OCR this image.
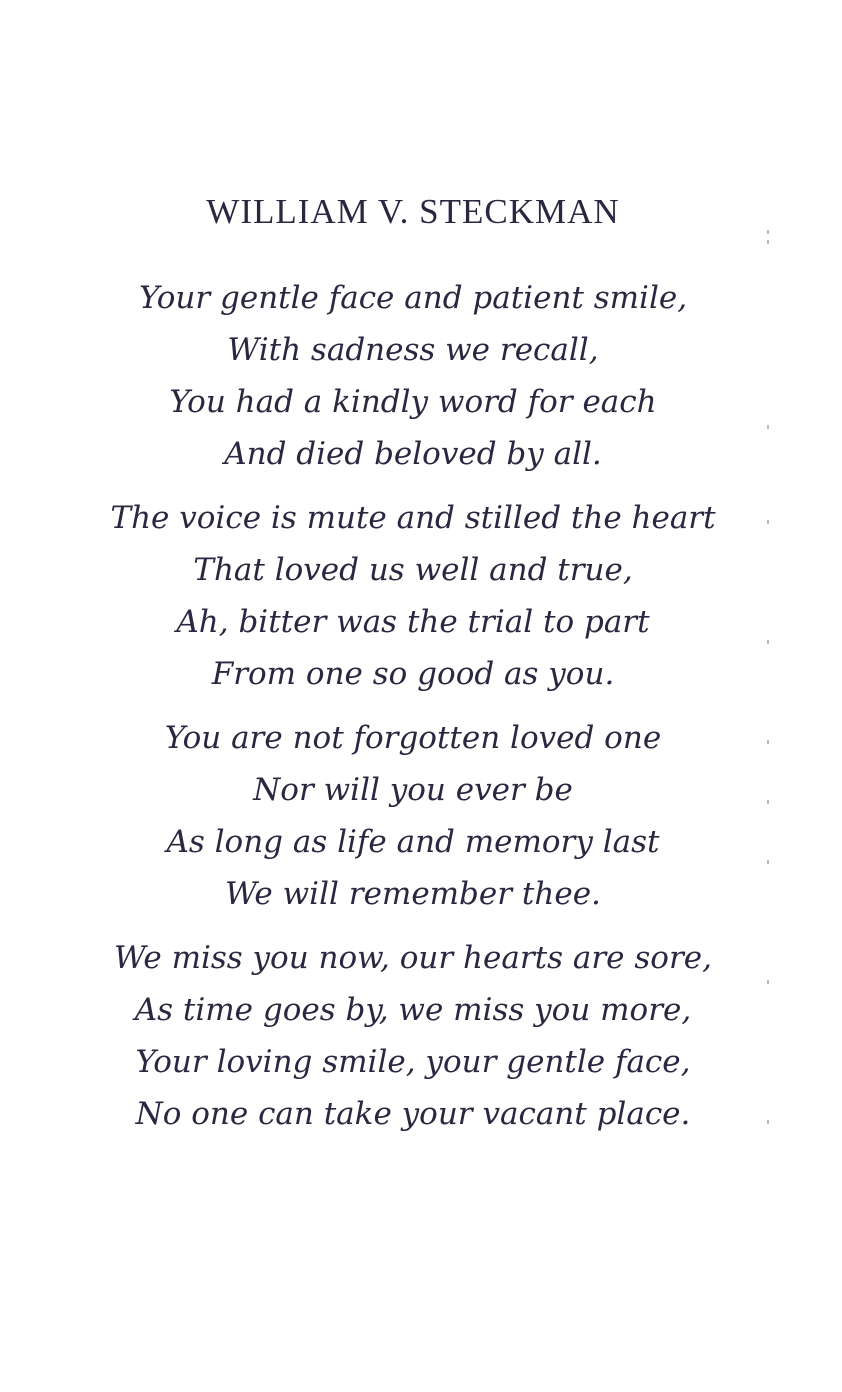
WILLIAM V. STECKMAN
Your gentle face and patient smile,
With sadness we recall,
You had a kindly word for each
And died beloved by all.
The voice is mute and stilled the heart
That loved us well and true,
Ah, bitter was the trial to part
From one so good as you.
You are not forgotten loved one
Nor will you ever be
As long as life and memory last
We will remember thee.
We miss you now, our hearts are sore,
As time goes by, we miss you more,
Your loving smile, your gentle face,
No one can take your vacant place.
